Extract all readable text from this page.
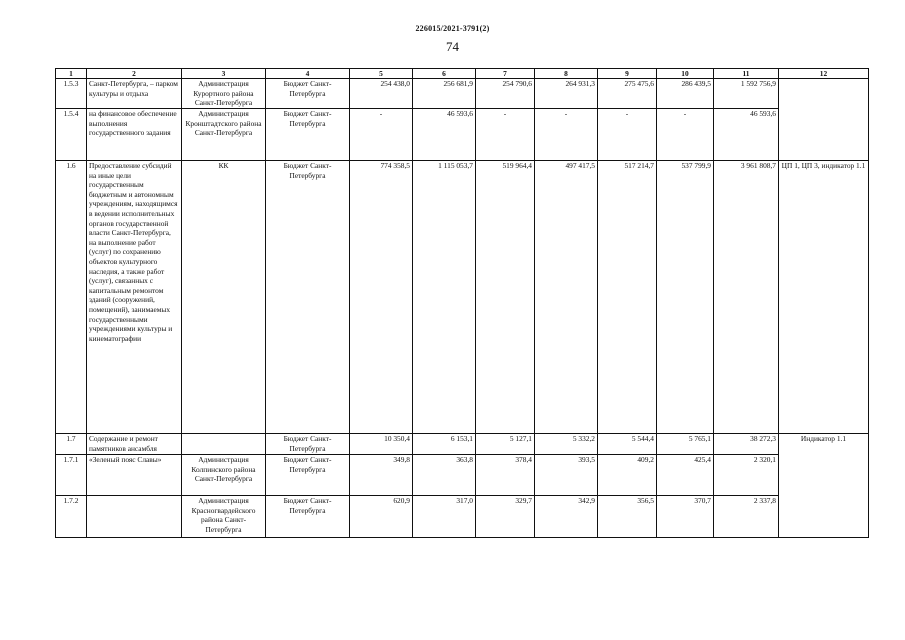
226015/2021-3791(2)
74
1	2	3	4	5	6	7	8	9	10	11	12
1.5.3	Санкт-Петербурга, – парком культуры и отдыха	Администрация Курортного района Санкт-Петербурга	Бюджет Санкт-Петербурга	254 438,0	256 681,9	254 790,6	264 931,3	275 475,6	286 439,5	1 592 756,9	
1.5.4	на финансовое обеспечение выполнения государственного задания	Администрация Кронштадтского района Санкт-Петербурга	Бюджет Санкт-Петербурга	-	46 593,6	-	-	-	-	46 593,6	
1.6	Предоставление субсидий на иные цели государственным бюджетным и автономным учреждениям, находящимся в ведении исполнительных органов государственной власти Санкт-Петербурга, на выполнение работ (услуг) по сохранению объектов культурного наследия, а также работ (услуг), связанных с капитальным ремонтом зданий (сооружений, помещений), занимаемых государственными учреждениями культуры и кинематографии	КК	Бюджет Санкт-Петербурга	774 358,5	1 115 053,7	519 964,4	497 417,5	517 214,7	537 799,9	3 961 808,7	ЦП 1, ЦП 3, индикатор 1.1
1.7	Содержание и ремонт памятников ансамбля		Бюджет Санкт-Петербурга	10 350,4	6 153,1	5 127,1	5 332,2	5 544,4	5 765,1	38 272,3	Индикатор 1.1
1.7.1	«Зеленый пояс Славы»	Администрация Колпинского района Санкт-Петербурга	Бюджет Санкт-Петербурга	349,8	363,8	378,4	393,5	409,2	425,4	2 320,1	
1.7.2		Администрация Красногвардейского района Санкт-Петербурга	Бюджет Санкт-Петербурга	620,9	317,0	329,7	342,9	356,5	370,7	2 337,8	
